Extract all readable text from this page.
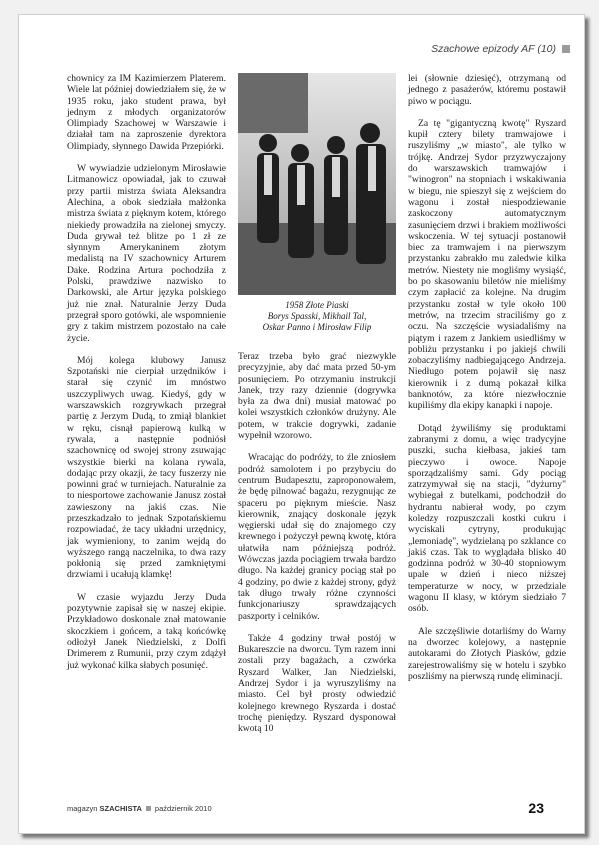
Szachowe epizody AF (10)

chownicy za IM Kazimierzem Platerem. Wiele lat później dowiedziałem się, że w 1935 roku, jako student prawa, był jednym z młodych organizatorów Olimpiady Szachowej w Warszawie i działał tam na zaproszenie dyrektora Olimpiady, słynnego Dawida Przepiórki.

W wywiadzie udzielonym Mirosławie Litmanowicz opowiadał, jak to czuwał przy partii mistrza świata Aleksandra Alechina, a obok siedziała małżonka mistrza świata z pięknym kotem, którego niekiedy prowadziła na zielonej smyczy. Duda grywał też blitze po 1 zł ze słynnym Amerykaninem złotym medalistą na IV szachownicy Arturem Dake. Rodzina Artura pochodziła z Polski, prawdziwe nazwisko to Darkowski, ale Artur języka polskiego już nie znał. Naturalnie Jerzy Duda przegrał sporo gotówki, ale wspomnienie gry z takim mistrzem pozostało na całe życie.

Mój kolega klubowy Janusz Szpotański nie cierpiał urzędników i starał się czynić im mnóstwo uszczypliwych uwag. Kiedyś, gdy w warszawskich rozgrywkach przegrał partię z Jerzym Dudą, to zmiął blankiet w ręku, cisnął papierową kulką w rywala, a następnie podniósł szachownicę od swojej strony zsuwając wszystkie bierki na kolana rywala, dodając przy okazji, że tacy fuszerzy nie powinni grać w turniejach. Naturalnie za to niesportowe zachowanie Janusz został zawieszony na jakiś czas. Nie przeszkadzało to jednak Szpotańskiemu rozpowiadać, że tacy układni urzędnicy, jak wymieniony, to zanim wejdą do wyższego rangą naczelnika, to dwa razy pokłonią się przed zamkniętymi drzwiami i ucałują klamkę!

W czasie wyjazdu Jerzy Duda pozytywnie zapisał się w naszej ekipie. Przykładowo doskonale znał matowanie skoczkiem i gońcem, a taką końcówkę odłożył Janek Niedzielski, z Dolfi Drimerem z Rumunii, przy czym zdążył już wykonać kilka słabych posunięć.

1958 Złote Piaski
Borys Spasski, Mikhail Tal,
Oskar Panno i Mirosław Filip

Teraz trzeba było grać niezwykle precyzyjnie, aby dać mata przed 50-ym posunięciem. Po otrzymaniu instrukcji Janek, trzy razy dziennie (dogrywka była za dwa dni) musiał matować po kolei wszystkich członków drużyny. Ale potem, w trakcie dogrywki, zadanie wypełnił wzorowo.

Wracając do podróży, to źle zniosłem podróż samolotem i po przybyciu do centrum Budapesztu, zaproponowałem, że będę pilnować bagażu, rezygnując ze spaceru po pięknym mieście. Nasz kierownik, znający doskonale język węgierski udał się do znajomego czy krewnego i pożyczył pewną kwotę, która ułatwiła nam późniejszą podróż. Wówczas jazda pociągiem trwała bardzo długo. Na każdej granicy pociąg stał po 4 godziny, po dwie z każdej strony, gdyż tak długo trwały różne czynności funkcjonariuszy sprawdzających paszporty i celników.

Także 4 godziny trwał postój w Bukareszcie na dworcu. Tym razem inni zostali przy bagażach, a czwórka Ryszard Walker, Jan Niedzielski, Andrzej Sydor i ja wyruszyliśmy na miasto. Cel był prosty odwiedzić kolejnego krewnego Ryszarda i dostać trochę pieniędzy. Ryszard dysponował kwotą 10

lei (słownie dziesięć), otrzymaną od jednego z pasażerów, któremu postawił piwo w pociągu.

Za tę "gigantyczną kwotę" Ryszard kupił cztery bilety tramwajowe i ruszyliśmy „w miasto", ale tylko w trójkę. Andrzej Sydor przyzwyczajony do warszawskich tramwajów i "winogron" na stopniach i wskakiwania w biegu, nie spieszył się z wejściem do wagonu i został niespodziewanie zaskoczony automatycznym zasunięciem drzwi i brakiem możliwości wskoczenia. W tej sytuacji postanowił biec za tramwajem i na pierwszym przystanku zabrakło mu zaledwie kilka metrów. Niestety nie mogliśmy wysiąść, bo po skasowaniu biletów nie mieliśmy czym zapłacić za kolejne. Na drugim przystanku został w tyle około 100 metrów, na trzecim straciliśmy go z oczu. Na szczęście wysiadaliśmy na piątym i razem z Jankiem usiedliśmy w pobliżu przystanku i po jakiejś chwili zobaczyliśmy nadbiegającego Andrzeja. Niedługo potem pojawił się nasz kierownik i z dumą pokazał kilka banknotów, za które niezwłocznie kupiliśmy dla ekipy kanapki i napoje.

Dotąd żywiliśmy się produktami zabranymi z domu, a więc tradycyjne puszki, sucha kiełbasa, jakieś tam pieczywo i owoce. Napoje sporządzaliśmy sami. Gdy pociąg zatrzymywał się na stacji, "dyżurny" wybiegał z butelkami, podchodził do hydrantu nabierał wody, po czym koledzy rozpuszczali kostki cukru i wyciskali cytryny, produkując „lemoniadę", wydzielaną po szklance co jakiś czas. Tak to wyglądała blisko 40 godzinna podróż w 30-40 stopniowym upale w dzień i nieco niższej temperaturze w nocy, w przedziale wagonu II klasy, w którym siedziało 7 osób.

Ale szczęśliwie dotarliśmy do Warny na dworzec kolejowy, a następnie autokarami do Złotych Piasków, gdzie zarejestrowaliśmy się w hotelu i szybko poszliśmy na pierwszą rundę eliminacji.

magazyn SZACHISTA październik 2010	23
